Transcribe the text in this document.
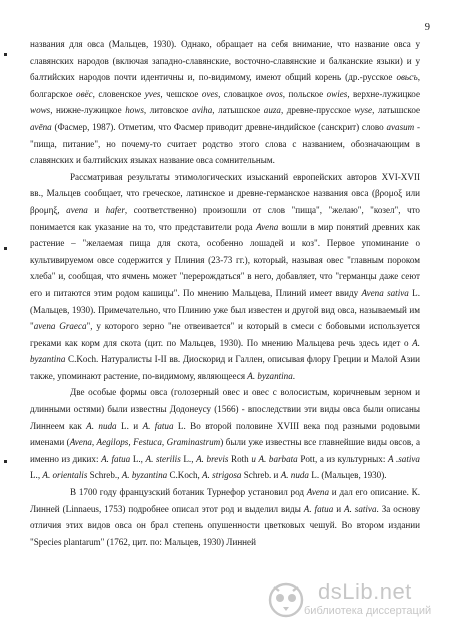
9

названия для овса (Мальцев, 1930). Однако, обращает на себя внимание, что название овса у славянских народов (включая западно-славянские, восточно-славянские и балканские языки) и у балтийских народов почти идентичны и, по-видимому, имеют общий корень (др.-русское овьсъ, болгарское овёс, словенское yves, чешское oves, словацкое ovos, польское owies, верхне-лужицкое wows, нижне-лужицкое hows, литовское aviha, латышское auza, древне-прусское wyse, латышское avēna (Фасмер, 1987). Отметим, что Фасмер приводит древне-индийское (санскрит) слово avasum - "пища, питание", но почему-то считает родство этого слова с названием, обозначающим в славянских и балтийских языках название овса сомнительным.

Рассматривая результаты этимологических изысканий европейских авторов XVI-XVII вв., Мальцев сообщает, что греческое, латинское и древне-германское названия овса (βρομοξ или βρομηξ, avena и hafer, соответственно) произошли от слов "пища", "желаю", "козел", что понимается как указание на то, что представители рода Avena вошли в мир понятий древних как растение – "желаемая пища для скота, особенно лошадей и коз". Первое упоминание о культивируемом овсе содержится у Плиния (23-73 гг.), который, называя овес "главным пороком хлеба" и, сообщая, что ячмень может "перерождаться" в него, добавляет, что "германцы даже сеют его и питаются этим родом кашицы". По мнению Мальцева, Плиний имеет ввиду Avena sativa L. (Мальцев, 1930). Примечательно, что Плинию уже был известен и другой вид овса, называемый им "avena Graeca", у которого зерно "не отвеивается" и который в смеси с бобовыми используется греками как корм для скота (цит. по Мальцев, 1930). По мнению Мальцева речь здесь идет о A. byzantina C.Koch. Натуралисты I-II вв. Диоскорид и Галлен, описывая флору Греции и Малой Азии также, упоминают растение, по-видимому, являющееся A. byzantina.

Две особые формы овса (голозерный овес и овес с волосистым, коричневым зерном и длинными остями) были известны Додонеусу (1566) - впоследствии эти виды овса были описаны Линнеем как A. nuda L. и A. fatua L. Во второй половине XVIII века под разными родовыми именами (Avena, Aegilops, Festuca, Graminastrum) были уже известны все главнейшие виды овсов, а именно из диких: A. fatua L., A. sterilis L., A. brevis Roth и A. barbata Pott, а из культурных: A .sativa L., A. orientalis Schreb., A. byzantina C.Koch, A. strigosa Schreb. и A. nuda L. (Мальцев, 1930).

В 1700 году французский ботаник Турнефор установил род Avena и дал его описание. К. Линней (Linnaeus, 1753) подробнее описал этот род и выделил виды A. fatua и A. sativa. За основу отличия этих видов овса он брал степень опушенности цветковых чешуй. Во втором издании "Species plantarum" (1762, цит. по: Мальцев, 1930) Линней

dsLib.net
библиотека диссертаций
